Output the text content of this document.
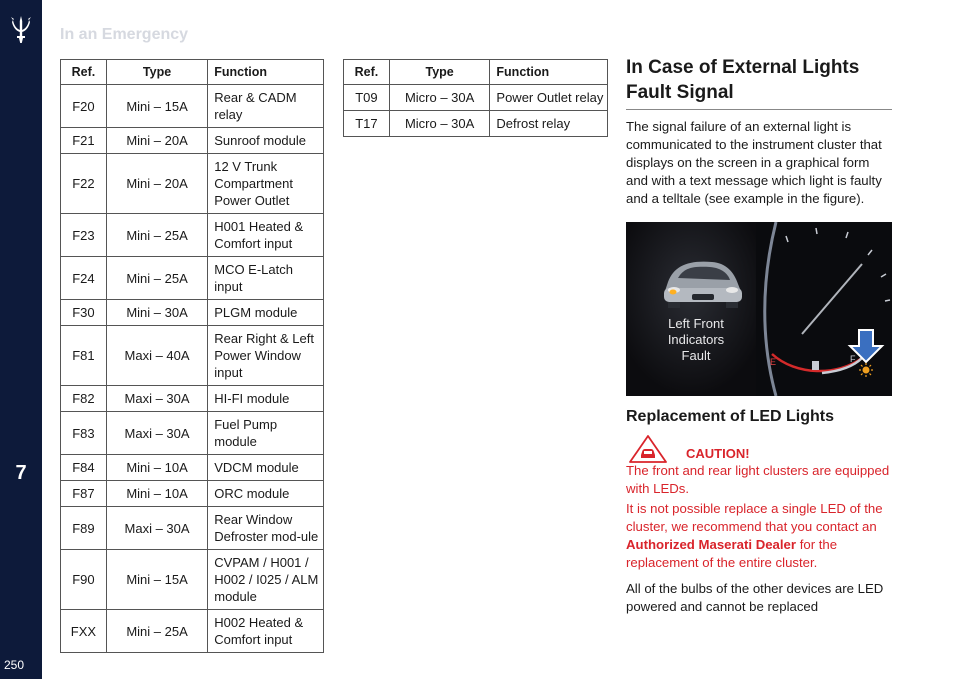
7
250
In an Emergency
Ref.	Type	Function
F20	Mini – 15A	Rear & CADM relay
F21	Mini – 20A	Sunroof module
F22	Mini – 20A	12 V Trunk Compartment Power Outlet
F23	Mini – 25A	H001 Heated & Comfort input
F24	Mini – 25A	MCO E-Latch input
F30	Mini – 30A	PLGM module
F81	Maxi – 40A	Rear Right & Left Power Window input
F82	Maxi – 30A	HI-FI module
F83	Maxi – 30A	Fuel Pump module
F84	Mini – 10A	VDCM module
F87	Mini – 10A	ORC module
F89	Maxi – 30A	Rear Window Defroster mod-ule
F90	Mini – 15A	CVPAM / H001 / H002 / I025 / ALM module
FXX	Mini – 25A	H002 Heated & Comfort input
Ref.	Type	Function
T09	Micro – 30A	Power Outlet relay
T17	Micro – 30A	Defrost relay
In Case of External Lights Fault Signal

The signal failure of an external light is communicated to the instrument cluster that displays on the screen in a graphical form and with a text message which light is faulty and a telltale (see example in the figure).

E	F
Left Front
Indicators
Fault
Replacement of LED Lights
CAUTION!

The front and rear light clusters are equipped with LEDs.

It is not possible replace a single LED of the cluster, we recommend that you contact an Authorized Maserati Dealer for the replacement of the entire cluster.

All of the bulbs of the other devices are LED powered and cannot be replaced
